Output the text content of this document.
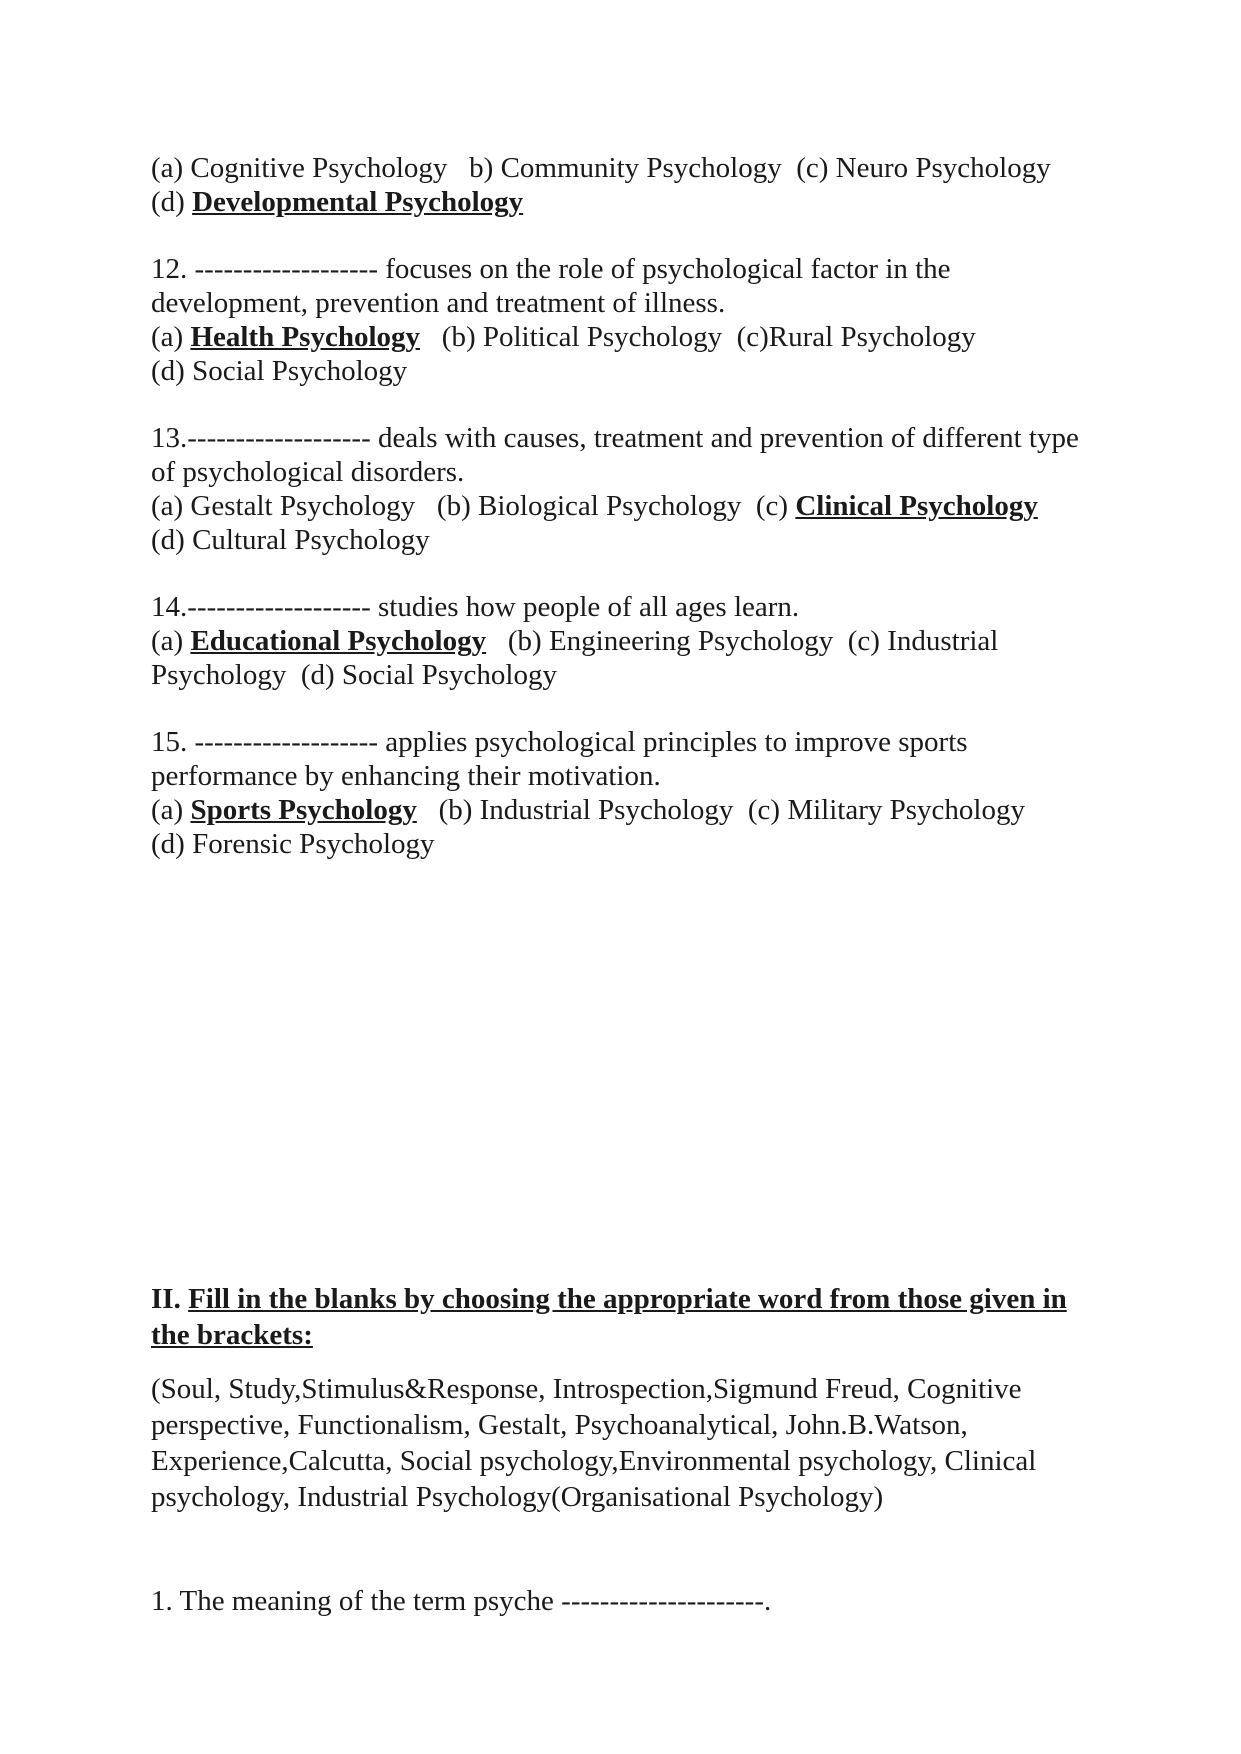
(a) Cognitive Psychology   b) Community Psychology  (c) Neuro Psychology
(d) Developmental Psychology
12. ------------------- focuses on the role of psychological factor in the
development, prevention and treatment of illness.
(a) Health Psychology   (b) Political Psychology  (c)Rural Psychology
(d) Social Psychology
13.------------------- deals with causes, treatment and prevention of different type
of psychological disorders.
(a) Gestalt Psychology   (b) Biological Psychology  (c) Clinical Psychology
(d) Cultural Psychology
14.------------------- studies how people of all ages learn.
(a) Educational Psychology   (b) Engineering Psychology  (c) Industrial
Psychology  (d) Social Psychology
15. ------------------- applies psychological principles to improve sports
performance by enhancing their motivation.
(a) Sports Psychology   (b) Industrial Psychology  (c) Military Psychology
(d) Forensic Psychology
II. Fill in the blanks by choosing the appropriate word from those given in
the brackets:
(Soul, Study,Stimulus&Response, Introspection,Sigmund Freud, Cognitive
perspective, Functionalism, Gestalt, Psychoanalytical, John.B.Watson,
Experience,Calcutta, Social psychology,Environmental psychology, Clinical
psychology, Industrial Psychology(Organisational Psychology)
1. The meaning of the term psyche ---------------------.
